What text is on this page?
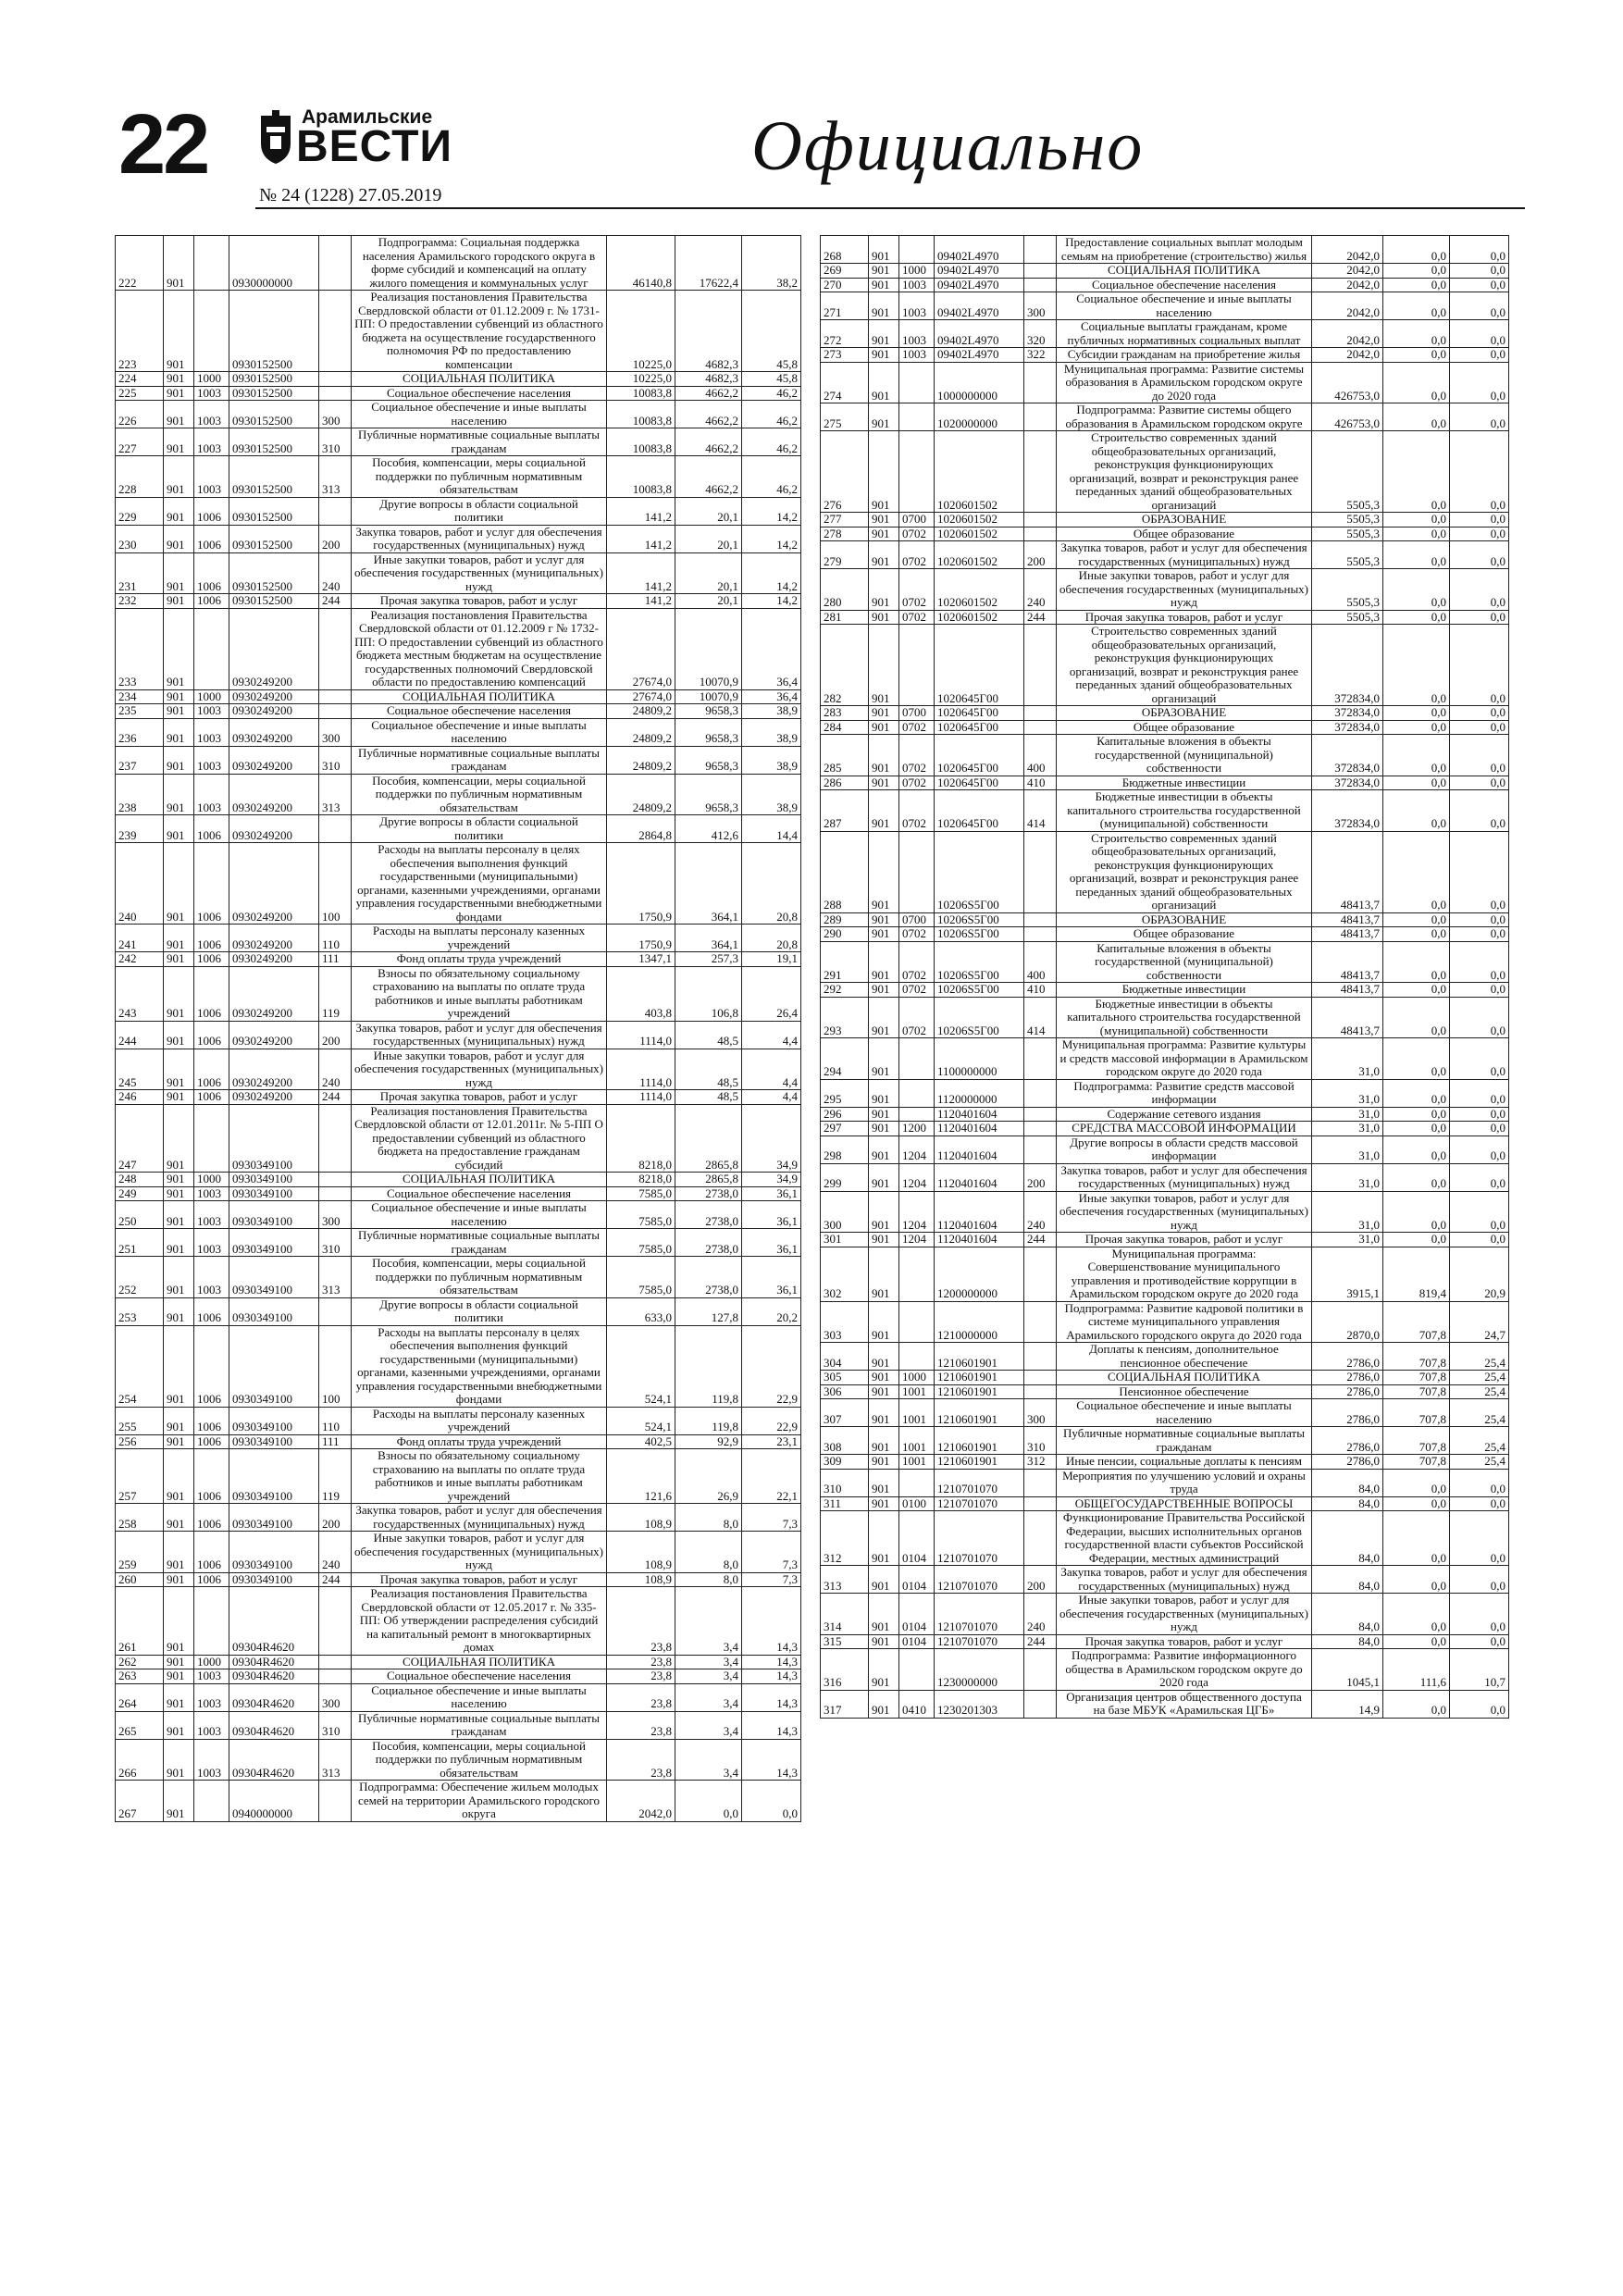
22	Арамильские
ВЕСТИ
№ 24 (1228) 27.05.2019
Официально
222	901		0930000000		Подпрограмма: Социальная поддержка населения Арамильского городского округа в форме субсидий и компенсаций на оплату жилого помещения и коммунальных услуг	46140,8	17622,4	38,2
223	901		0930152500		Реализация постановления Правительства Свердловской области от 01.12.2009 г. № 1731-ПП: О предоставлении субвенций из областного бюджета на осуществление государственного полномочия РФ по предоставлению компенсации	10225,0	4682,3	45,8
224	901	1000	0930152500		СОЦИАЛЬНАЯ ПОЛИТИКА	10225,0	4682,3	45,8
225	901	1003	0930152500		Социальное обеспечение населения	10083,8	4662,2	46,2
226	901	1003	0930152500	300	Социальное обеспечение и иные выплаты населению	10083,8	4662,2	46,2
227	901	1003	0930152500	310	Публичные нормативные социальные выплаты гражданам	10083,8	4662,2	46,2
228	901	1003	0930152500	313	Пособия, компенсации, меры социальной поддержки по публичным нормативным обязательствам	10083,8	4662,2	46,2
229	901	1006	0930152500		Другие вопросы в области социальной политики	141,2	20,1	14,2
230	901	1006	0930152500	200	Закупка товаров, работ и услуг для обеспечения государственных (муниципальных) нужд	141,2	20,1	14,2
231	901	1006	0930152500	240	Иные закупки товаров, работ и услуг для обеспечения государственных (муниципальных) нужд	141,2	20,1	14,2
232	901	1006	0930152500	244	Прочая закупка товаров, работ и услуг	141,2	20,1	14,2
233	901		0930249200		Реализация постановления Правительства Свердловской области от 01.12.2009 г № 1732-ПП: О предоставлении субвенций из областного бюджета местным бюджетам на осуществление государственных полномочий Свердловской области по предоставлению компенсаций	27674,0	10070,9	36,4
234	901	1000	0930249200		СОЦИАЛЬНАЯ ПОЛИТИКА	27674,0	10070,9	36,4
235	901	1003	0930249200		Социальное обеспечение населения	24809,2	9658,3	38,9
236	901	1003	0930249200	300	Социальное обеспечение и иные выплаты населению	24809,2	9658,3	38,9
237	901	1003	0930249200	310	Публичные нормативные социальные выплаты гражданам	24809,2	9658,3	38,9
238	901	1003	0930249200	313	Пособия, компенсации, меры социальной поддержки по публичным нормативным обязательствам	24809,2	9658,3	38,9
239	901	1006	0930249200		Другие вопросы в области социальной политики	2864,8	412,6	14,4
240	901	1006	0930249200	100	Расходы на выплаты персоналу в целях обеспечения выполнения функций государственными (муниципальными) органами, казенными учреждениями, органами управления государственными внебюджетными фондами	1750,9	364,1	20,8
241	901	1006	0930249200	110	Расходы на выплаты персоналу казенных учреждений	1750,9	364,1	20,8
242	901	1006	0930249200	111	Фонд оплаты труда учреждений	1347,1	257,3	19,1
243	901	1006	0930249200	119	Взносы по обязательному социальному страхованию на выплаты по оплате труда работников и иные выплаты работникам учреждений	403,8	106,8	26,4
244	901	1006	0930249200	200	Закупка товаров, работ и услуг для обеспечения государственных (муниципальных) нужд	1114,0	48,5	4,4
245	901	1006	0930249200	240	Иные закупки товаров, работ и услуг для обеспечения государственных (муниципальных) нужд	1114,0	48,5	4,4
246	901	1006	0930249200	244	Прочая закупка товаров, работ и услуг	1114,0	48,5	4,4
247	901		0930349100		Реализация постановления Правительства Свердловской области от 12.01.2011г. № 5-ПП О предоставлении субвенций из областного бюджета на предоставление гражданам субсидий	8218,0	2865,8	34,9
248	901	1000	0930349100		СОЦИАЛЬНАЯ ПОЛИТИКА	8218,0	2865,8	34,9
249	901	1003	0930349100		Социальное обеспечение населения	7585,0	2738,0	36,1
250	901	1003	0930349100	300	Социальное обеспечение и иные выплаты населению	7585,0	2738,0	36,1
251	901	1003	0930349100	310	Публичные нормативные социальные выплаты гражданам	7585,0	2738,0	36,1
252	901	1003	0930349100	313	Пособия, компенсации, меры социальной поддержки по публичным нормативным обязательствам	7585,0	2738,0	36,1
253	901	1006	0930349100		Другие вопросы в области социальной политики	633,0	127,8	20,2
254	901	1006	0930349100	100	Расходы на выплаты персоналу в целях обеспечения выполнения функций государственными (муниципальными) органами, казенными учреждениями, органами управления государственными внебюджетными фондами	524,1	119,8	22,9
255	901	1006	0930349100	110	Расходы на выплаты персоналу казенных учреждений	524,1	119,8	22,9
256	901	1006	0930349100	111	Фонд оплаты труда учреждений	402,5	92,9	23,1
257	901	1006	0930349100	119	Взносы по обязательному социальному страхованию на выплаты по оплате труда работников и иные выплаты работникам учреждений	121,6	26,9	22,1
258	901	1006	0930349100	200	Закупка товаров, работ и услуг для обеспечения государственных (муниципальных) нужд	108,9	8,0	7,3
259	901	1006	0930349100	240	Иные закупки товаров, работ и услуг для обеспечения государственных (муниципальных) нужд	108,9	8,0	7,3
260	901	1006	0930349100	244	Прочая закупка товаров, работ и услуг	108,9	8,0	7,3
261	901		09304R4620		Реализация постановления Правительства Свердловской области от 12.05.2017 г. № 335-ПП: Об утверждении распределения субсидий на капитальный ремонт в многоквартирных домах	23,8	3,4	14,3
262	901	1000	09304R4620		СОЦИАЛЬНАЯ ПОЛИТИКА	23,8	3,4	14,3
263	901	1003	09304R4620		Социальное обеспечение населения	23,8	3,4	14,3
264	901	1003	09304R4620	300	Социальное обеспечение и иные выплаты населению	23,8	3,4	14,3
265	901	1003	09304R4620	310	Публичные нормативные социальные выплаты гражданам	23,8	3,4	14,3
266	901	1003	09304R4620	313	Пособия, компенсации, меры социальной поддержки по публичным нормативным обязательствам	23,8	3,4	14,3
267	901		0940000000		Подпрограмма: Обеспечение жильем молодых семей на территории Арамильского городского округа	2042,0	0,0	0,0
268	901		09402L4970		Предоставление социальных выплат молодым семьям на приобретение (строительство) жилья	2042,0	0,0	0,0
269	901	1000	09402L4970		СОЦИАЛЬНАЯ ПОЛИТИКА	2042,0	0,0	0,0
270	901	1003	09402L4970		Социальное обеспечение населения	2042,0	0,0	0,0
271	901	1003	09402L4970	300	Социальное обеспечение и иные выплаты населению	2042,0	0,0	0,0
272	901	1003	09402L4970	320	Социальные выплаты гражданам, кроме публичных нормативных социальных выплат	2042,0	0,0	0,0
273	901	1003	09402L4970	322	Субсидии гражданам на приобретение жилья	2042,0	0,0	0,0
274	901		1000000000		Муниципальная программа: Развитие системы образования в Арамильском городском округе до 2020 года	426753,0	0,0	0,0
275	901		1020000000		Подпрограмма: Развитие системы общего образования в Арамильском городском округе	426753,0	0,0	0,0
276	901		1020601502		Строительство современных зданий общеобразовательных организаций, реконструкция функционирующих организаций, возврат и реконструкция ранее переданных зданий общеобразовательных организаций	5505,3	0,0	0,0
277	901	0700	1020601502		ОБРАЗОВАНИЕ	5505,3	0,0	0,0
278	901	0702	1020601502		Общее образование	5505,3	0,0	0,0
279	901	0702	1020601502	200	Закупка товаров, работ и услуг для обеспечения государственных (муниципальных) нужд	5505,3	0,0	0,0
280	901	0702	1020601502	240	Иные закупки товаров, работ и услуг для обеспечения государственных (муниципальных) нужд	5505,3	0,0	0,0
281	901	0702	1020601502	244	Прочая закупка товаров, работ и услуг	5505,3	0,0	0,0
282	901		1020645Г00		Строительство современных зданий общеобразовательных организаций, реконструкция функционирующих организаций, возврат и реконструкция ранее переданных зданий общеобразовательных организаций	372834,0	0,0	0,0
283	901	0700	1020645Г00		ОБРАЗОВАНИЕ	372834,0	0,0	0,0
284	901	0702	1020645Г00		Общее образование	372834,0	0,0	0,0
285	901	0702	1020645Г00	400	Капитальные вложения в объекты государственной (муниципальной) собственности	372834,0	0,0	0,0
286	901	0702	1020645Г00	410	Бюджетные инвестиции	372834,0	0,0	0,0
287	901	0702	1020645Г00	414	Бюджетные инвестиции в объекты капитального строительства государственной (муниципальной) собственности	372834,0	0,0	0,0
288	901		10206S5Г00		Строительство современных зданий общеобразовательных организаций, реконструкция функционирующих организаций, возврат и реконструкция ранее переданных зданий общеобразовательных организаций	48413,7	0,0	0,0
289	901	0700	10206S5Г00		ОБРАЗОВАНИЕ	48413,7	0,0	0,0
290	901	0702	10206S5Г00		Общее образование	48413,7	0,0	0,0
291	901	0702	10206S5Г00	400	Капитальные вложения в объекты государственной (муниципальной) собственности	48413,7	0,0	0,0
292	901	0702	10206S5Г00	410	Бюджетные инвестиции	48413,7	0,0	0,0
293	901	0702	10206S5Г00	414	Бюджетные инвестиции в объекты капитального строительства государственной (муниципальной) собственности	48413,7	0,0	0,0
294	901		1100000000		Муниципальная программа: Развитие культуры и средств массовой информации в Арамильском городском округе до 2020 года	31,0	0,0	0,0
295	901		1120000000		Подпрограмма: Развитие средств массовой информации	31,0	0,0	0,0
296	901		1120401604		Содержание сетевого издания	31,0	0,0	0,0
297	901	1200	1120401604		СРЕДСТВА МАССОВОЙ ИНФОРМАЦИИ	31,0	0,0	0,0
298	901	1204	1120401604		Другие вопросы в области средств массовой информации	31,0	0,0	0,0
299	901	1204	1120401604	200	Закупка товаров, работ и услуг для обеспечения государственных (муниципальных) нужд	31,0	0,0	0,0
300	901	1204	1120401604	240	Иные закупки товаров, работ и услуг для обеспечения государственных (муниципальных) нужд	31,0	0,0	0,0
301	901	1204	1120401604	244	Прочая закупка товаров, работ и услуг	31,0	0,0	0,0
302	901		1200000000		Муниципальная программа: Совершенствование муниципального управления и противодействие коррупции в Арамильском городском округе до 2020 года	3915,1	819,4	20,9
303	901		1210000000		Подпрограмма: Развитие кадровой политики в системе муниципального управления Арамильского городского округа до 2020 года	2870,0	707,8	24,7
304	901		1210601901		Доплаты к пенсиям, дополнительное пенсионное обеспечение	2786,0	707,8	25,4
305	901	1000	1210601901		СОЦИАЛЬНАЯ ПОЛИТИКА	2786,0	707,8	25,4
306	901	1001	1210601901		Пенсионное обеспечение	2786,0	707,8	25,4
307	901	1001	1210601901	300	Социальное обеспечение и иные выплаты населению	2786,0	707,8	25,4
308	901	1001	1210601901	310	Публичные нормативные социальные выплаты гражданам	2786,0	707,8	25,4
309	901	1001	1210601901	312	Иные пенсии, социальные доплаты к пенсиям	2786,0	707,8	25,4
310	901		1210701070		Мероприятия по улучшению условий и охраны труда	84,0	0,0	0,0
311	901	0100	1210701070		ОБЩЕГОСУДАРСТВЕННЫЕ ВОПРОСЫ	84,0	0,0	0,0
312	901	0104	1210701070		Функционирование Правительства Российской Федерации, высших исполнительных органов государственной власти субъектов Российской Федерации, местных администраций	84,0	0,0	0,0
313	901	0104	1210701070	200	Закупка товаров, работ и услуг для обеспечения государственных (муниципальных) нужд	84,0	0,0	0,0
314	901	0104	1210701070	240	Иные закупки товаров, работ и услуг для обеспечения государственных (муниципальных) нужд	84,0	0,0	0,0
315	901	0104	1210701070	244	Прочая закупка товаров, работ и услуг	84,0	0,0	0,0
316	901		1230000000		Подпрограмма: Развитие информационного общества в Арамильском городском округе до 2020 года	1045,1	111,6	10,7
317	901	0410	1230201303		Организация центров общественного доступа на базе МБУК «Арамильская ЦГБ»	14,9	0,0	0,0
